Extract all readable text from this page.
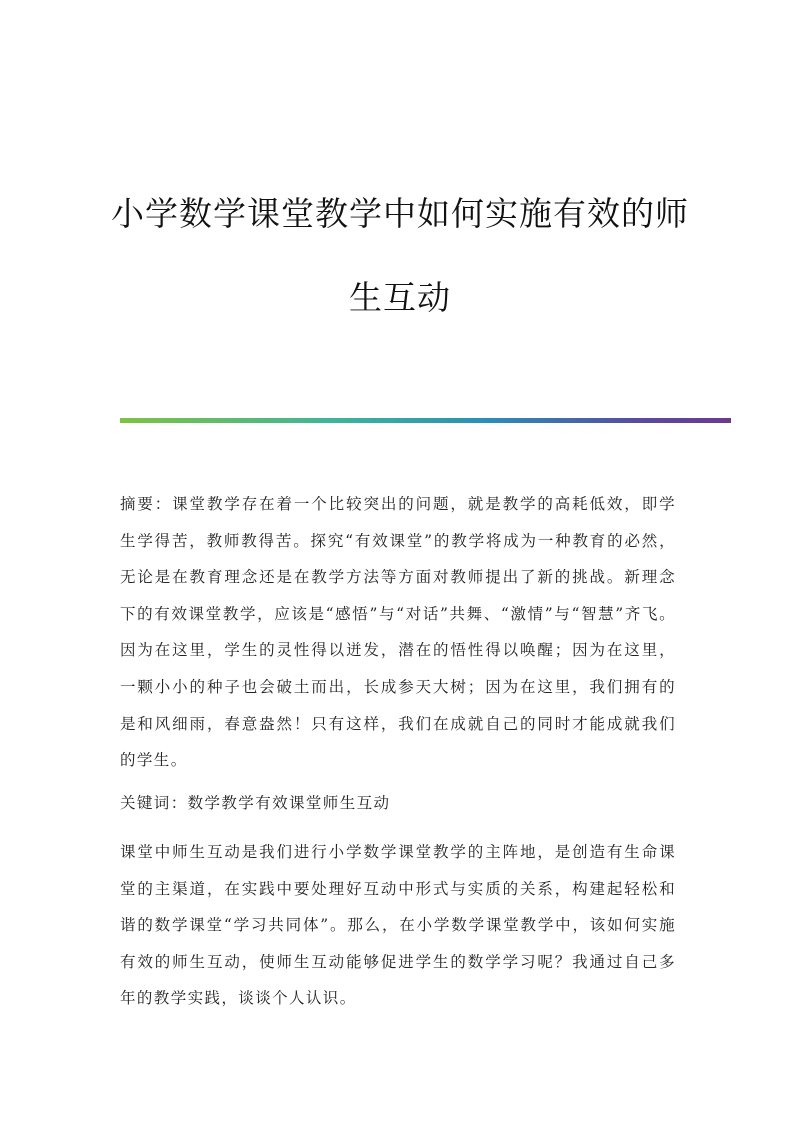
小学数学课堂教学中如何实施有效的师
生互动

摘要：课堂教学存在着一个比较突出的问题，就是教学的高耗低效，即学生学得苦，教师教得苦。探究“有效课堂”的教学将成为一种教育的必然，无论是在教育理念还是在教学方法等方面对教师提出了新的挑战。新理念下的有效课堂教学，应该是“感悟”与“对话”共舞、“激情”与“智慧”齐飞。因为在这里，学生的灵性得以迸发，潜在的悟性得以唤醒；因为在这里，一颗小小的种子也会破土而出，长成参天大树；因为在这里，我们拥有的是和风细雨，春意盎然！只有这样，我们在成就自己的同时才能成就我们的学生。

关键词：数学教学有效课堂师生互动

课堂中师生互动是我们进行小学数学课堂教学的主阵地，是创造有生命课堂的主渠道，在实践中要处理好互动中形式与实质的关系，构建起轻松和谐的数学课堂“学习共同体”。那么，在小学数学课堂教学中，该如何实施有效的师生互动，使师生互动能够促进学生的数学学习呢？我通过自己多年的教学实践，谈谈个人认识。
